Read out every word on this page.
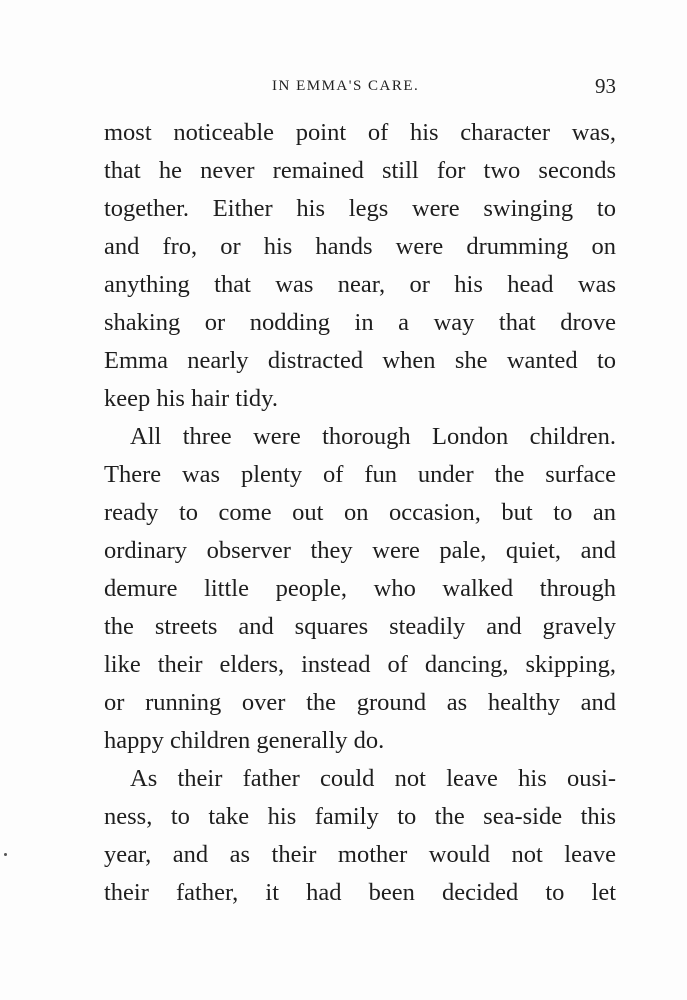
IN EMMA'S CARE.	93
most noticeable point of his character was,
that he never remained still for two seconds
together. Either his legs were swinging to
and fro, or his hands were drumming on
anything that was near, or his head was
shaking or nodding in a way that drove
Emma nearly distracted when she wanted to
keep his hair tidy.
All three were thorough London children.
There was plenty of fun under the surface
ready to come out on occasion, but to an
ordinary observer they were pale, quiet, and
demure little people, who walked through
the streets and squares steadily and gravely
like their elders, instead of dancing, skipping,
or running over the ground as healthy and
happy children generally do.
As their father could not leave his ousi-
ness, to take his family to the sea-side this
year, and as their mother would not leave
their father, it had been decided to let
